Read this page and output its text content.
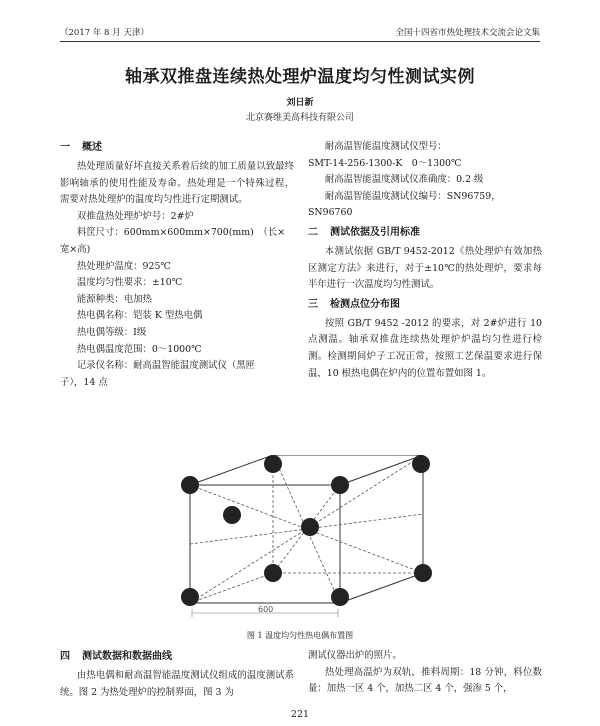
（2017 年 8 月 天津）	全国十四省市热处理技术交流会论文集
轴承双推盘连续热处理炉温度均匀性测试实例
刘日新
北京赛维美高科技有限公司
一 概述
热处理质量好坏直接关系着后续的加工质量以致最终影响轴承的使用性能及寿命。热处理是一个特殊过程，需要对热处理炉的温度均匀性进行定期测试。
双推盘热处理炉炉号：2#炉
料筐尺寸：600mm×600mm×700(mm)　（长×
宽×高)
热处理炉温度：925℃
温度均匀性要求：±10℃
能源种类：电加热
热电偶名称：铠装 K 型热电偶
热电偶等级：Ⅰ级
热电偶温度范围：0～1000℃
记录仪名称：耐高温智能温度测试仪（黑匣
子），14 点
耐高温智能温度测试仪型号：
SMT-14-256-1300-K　0～1300℃
耐高温智能温度测试仪准确度：0.2 级
耐高温智能温度测试仪编号：SN96759，
SN96760
二 测试依据及引用标准
本测试依据 GB/T 9452-2012《热处理炉有效加热区测定方法》来进行，对于±10℃的热处理炉，要求每半年进行一次温度均匀性测试。
三 检测点位分布图
按照 GB/T 9452 -2012 的要求，对 2#炉进行 10 点测温。轴承双推盘连续热处理炉炉温均匀性进行检测。检测期间炉子工况正常，按照工艺保温要求进行保温，10 根热电偶在炉内的位置布置如图 1。
600
图 1 温度均匀性热电偶布置图
四 测试数据和数据曲线
由热电偶和耐高温智能温度测试仪组成的温度测试系统。图 2 为热处理炉的控制界面，图 3 为
测试仪器出炉的照片。
热处理高温炉为双轨，推料周期：18 分钟，料位数量：加热一区 4 个，加热二区 4 个，强渗 5 个，
221
